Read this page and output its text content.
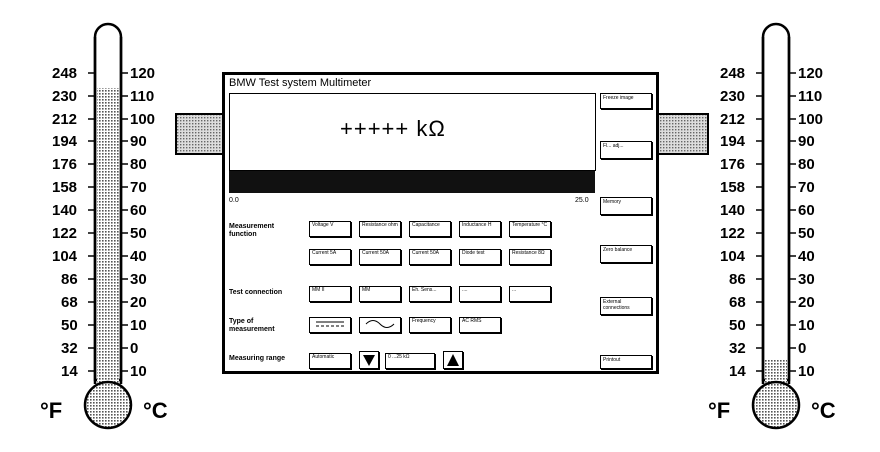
248
230
212
194
176
158
140
122
104
86
68
50
32
14
120
110
100
90
80
70
60
50
40
30
20
10
0
10
°F	°C
248
230
212
194
176
158
140
122
104
86
68
50
32
14
120
110
100
90
80
70
60
50
40
30
20
10
0
10
°F	°C
BMW Test system Multimeter
+++++ kΩ
0.0	25.0
Measurement function
Test connection
Type of measurement
Measuring range
Voltage V	Resistance ohm	Capacitance	Inductance H	Temperature °C
Current 5A	Current 50A	Current 50A	Diode test	Resistance 8Ω
MM II	MM	Eh. Sens...	....	...
Frequency	AC RMS
Automatic	0 ...25 kΩ
Freeze image
Fl... adj...
Memory
Zero balance
External connections
Printout
